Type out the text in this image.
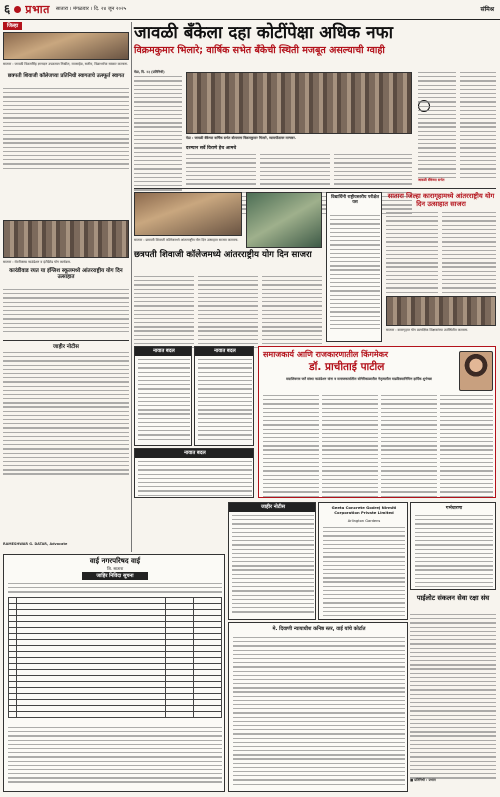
६ प्रभात सातारा । मंगळवार । दि. २४ जून २०२५	संमिश्र
जिल्हा
सातारा : जावळी विक्रमसिंह ज्ञानदान उपक्रमात निखील, रावसाहेब, सलीम, विद्यार्थ्यांचा सत्कार करताना.
छत्रपती शिवाजी कॉलेजच्या प्रतिनिधी स्वागताचे उत्स्फूर्त स्वागत
सातारा : रोटरीक्लब फाउंडेशन व इंटीग्रेटेड योग कार्यक्रम.
कारंडीवाड रयत या इंग्लिश स्कूलमध्ये आंतरराष्ट्रीय योग दिन उत्साहात
जाहीर नोटीस
RAMESHWAR G. DATAR, Advocate
वाई नगरपरिषद वाई
जि. सातारा
जाहिर निविदा सूचना

जावळी बँकेला दहा कोटींपेक्षा अधिक नफा
विक्रमकुमार भिलारे; वार्षिक सभेत बँकेची स्थिती मजबूत असल्याची ग्वाही
मेढा, दि. २३ (प्रतिनिधी)
मेढा : जावळी बँकेच्या वार्षिक सभेत बोलताना विक्रमकुमार भिलारे, व्यासपीठावर मान्यवर.
दरम्यान सर्वे विराणे हेच आमचे
जावळी बँकेच्या सभेत
सातारा : छत्रपती शिवाजी कॉलेजमध्ये आंतरराष्ट्रीय योग दिन उत्साहात साजरा करताना.
छत्रपती शिवाजी कॉलेजमध्ये आंतरराष्ट्रीय योग दिन साजरा
विद्यार्थिनी राष्ट्रीयस्तरीय परीक्षेत यश
सातारा जिल्हा कारागृहामध्ये आंतरराष्ट्रीय योग दिन उत्साहात साजरा
सातारा : कारागृहात योग प्रात्यक्षिक शिक्षकांच्या उपस्थितीत करताना.
नावात बदल	नावात बदल
नावात बदल
समाजकार्य आणि राजकारणातील किंगमेकर
डॉ. प्राचीताई पाटील
सदाशिवराव जर्ते संस्था फाउंडेशन यांना व समाजकार्यातील सोनेरीकाळातील नेतृत्वातील वाढदिवसानिमित्त हार्दिक शुभेच्छा
जाहीर नोटीस
मे. दिवाणी न्यायाधीश कनिष्ठ स्तर, वाई यांचे कोर्टात
Geeta Concrete Godrej Nirmiti Corporation Private Limited
Arlington Gardens
गर्भधारणा
पाईलोट संकलन सेवा रक्षा संघ
■ प्रतिनिधी : प्रभात
